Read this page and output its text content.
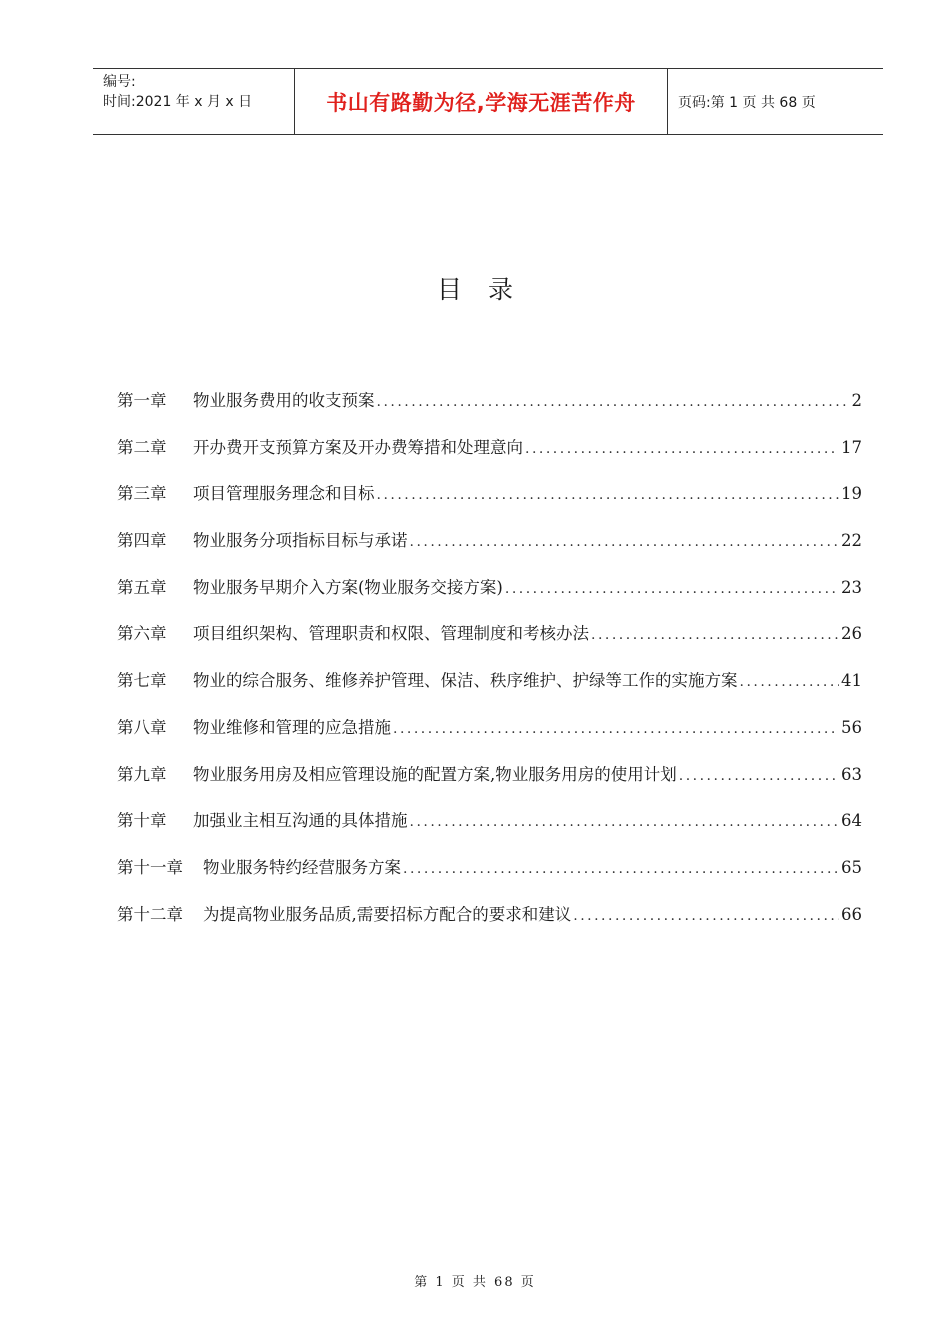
编号:
时间:2021 年 x 月 x 日	书山有路勤为径,学海无涯苦作舟	页码:第 1 页 共 68 页
目录
第一章	物业服务费用的收支预案 .....	2
第二章	开办费开支预算方案及开办费筹措和处理意向 .....	17
第三章	项目管理服务理念和目标 .....	19
第四章	物业服务分项指标目标与承诺 .....	22
第五章	物业服务早期介入方案(物业服务交接方案) .....	23
第六章	项目组织架构、管理职责和权限、管理制度和考核办法 .....	26
第七章	物业的综合服务、维修养护管理、保洁、秩序维护、护绿等工作的实施方案 .....	41
第八章	物业维修和管理的应急措施 .....	56
第九章	物业服务用房及相应管理设施的配置方案,物业服务用房的使用计划 .....	63
第十章	加强业主相互沟通的具体措施 .....	64
第十一章	物业服务特约经营服务方案 .....	65
第十二章	为提高物业服务品质,需要招标方配合的要求和建议 .....	66
第 1 页 共 68 页
